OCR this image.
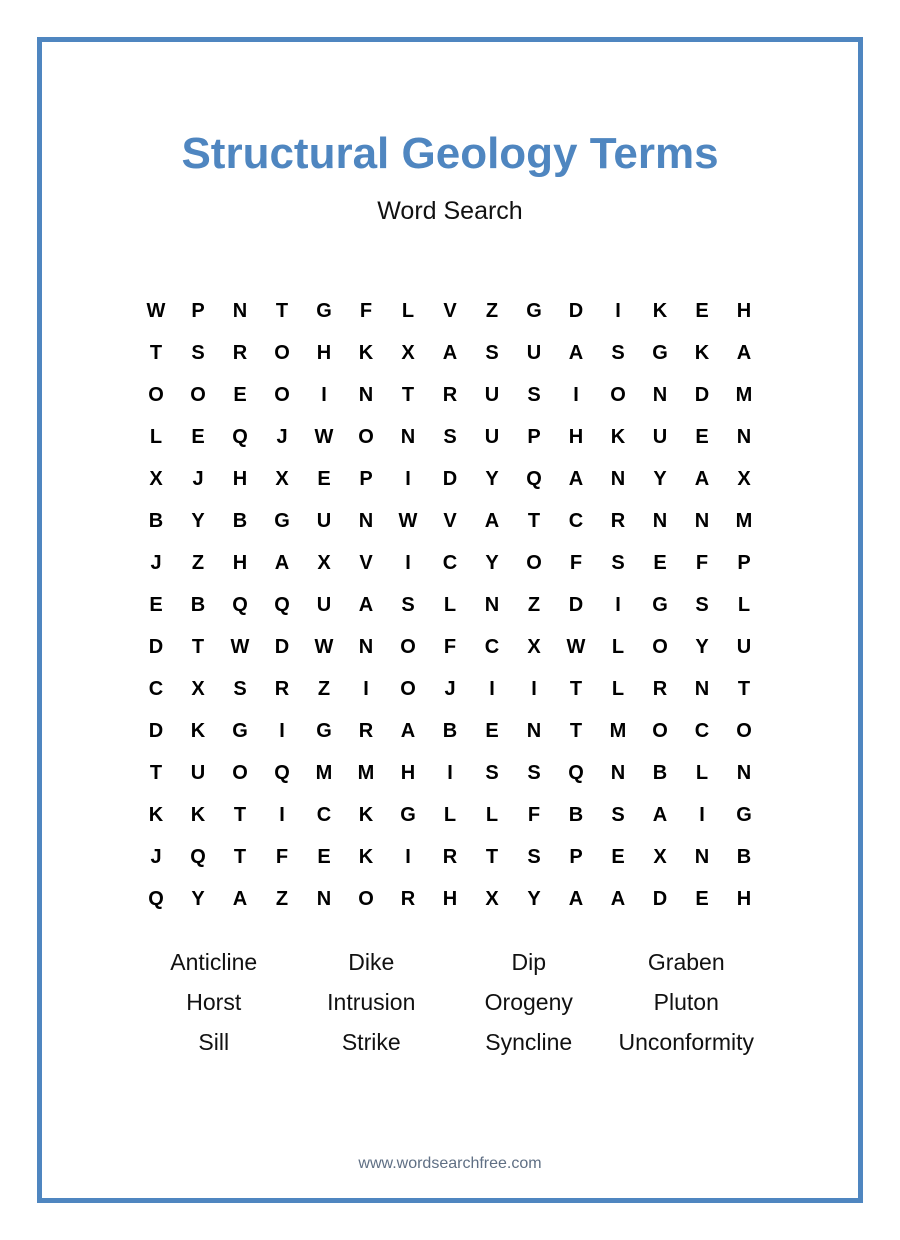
Structural Geology Terms
Word Search
W	P	N	T	G	F	L	V	Z	G	D	I	K	E	H
T	S	R	O	H	K	X	A	S	U	A	S	G	K	A
O	O	E	O	I	N	T	R	U	S	I	O	N	D	M
L	E	Q	J	W	O	N	S	U	P	H	K	U	E	N
X	J	H	X	E	P	I	D	Y	Q	A	N	Y	A	X
B	Y	B	G	U	N	W	V	A	T	C	R	N	N	M
J	Z	H	A	X	V	I	C	Y	O	F	S	E	F	P
E	B	Q	Q	U	A	S	L	N	Z	D	I	G	S	L
D	T	W	D	W	N	O	F	C	X	W	L	O	Y	U
C	X	S	R	Z	I	O	J	I	I	T	L	R	N	T
D	K	G	I	G	R	A	B	E	N	T	M	O	C	O
T	U	O	Q	M	M	H	I	S	S	Q	N	B	L	N
K	K	T	I	C	K	G	L	L	F	B	S	A	I	G
J	Q	T	F	E	K	I	R	T	S	P	E	X	N	B
Q	Y	A	Z	N	O	R	H	X	Y	A	A	D	E	H
Anticline	Dike	Dip	Graben
Horst	Intrusion	Orogeny	Pluton
Sill	Strike	Syncline	Unconformity
www.wordsearchfree.com
